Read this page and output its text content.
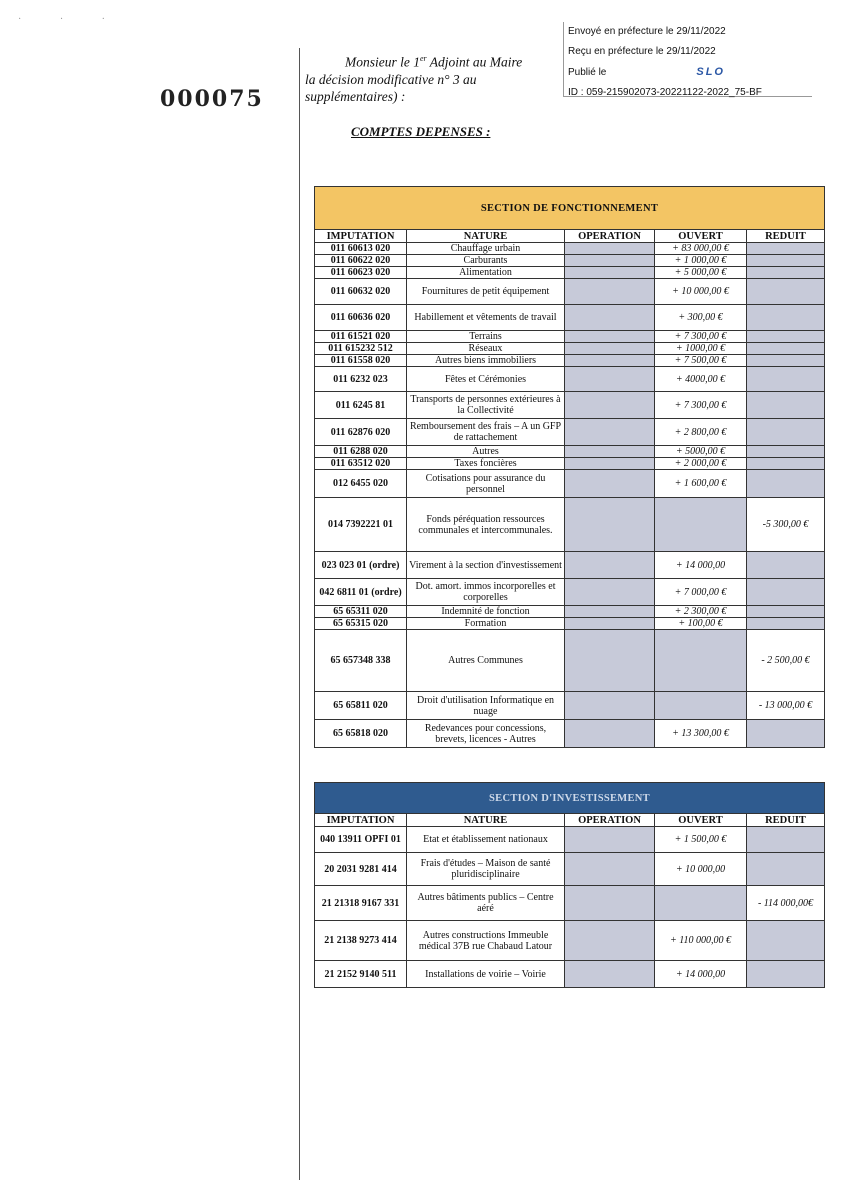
· · ·
000075
Monsieur le 1er Adjoint au Maire
la décision modificative n° 3 au
supplémentaires) :
Envoyé en préfecture le 29/11/2022
Reçu en préfecture le 29/11/2022
Publié le	SLO
ID : 059-215902073-20221122-2022_75-BF
COMPTES DEPENSES :
SECTION DE FONCTIONNEMENT				
IMPUTATION	NATURE	OPERATION	OUVERT	REDUIT
011 60613 020	Chauffage urbain		+ 83 000,00 €	
011 60622 020	Carburants		+ 1 000,00 €	
011 60623 020	Alimentation		+ 5 000,00 €	
011 60632 020	Fournitures de petit équipement		+ 10 000,00 €	
011 60636 020	Habillement et vêtements de travail		+ 300,00 €	
011 61521 020	Terrains		+ 7 300,00 €	
011 615232 512	Réseaux		+ 1000,00 €	
011 61558 020	Autres biens immobiliers		+ 7 500,00 €	
011 6232 023	Fêtes et Cérémonies		+ 4000,00 €	
011 6245 81	Transports de personnes extérieures à la Collectivité		+ 7 300,00 €	
011 62876 020	Remboursement des frais – A un GFP de rattachement		+ 2 800,00 €	
011 6288 020	Autres		+ 5000,00 €	
011 63512 020	Taxes foncières		+ 2 000,00 €	
012 6455 020	Cotisations pour assurance du personnel		+ 1 600,00 €	
014 7392221 01	Fonds péréquation ressources communales et intercommunales.			-5 300,00 €
023 023 01 (ordre)	Virement à la section d'investissement		+ 14 000,00	
042 6811 01 (ordre)	Dot. amort. immos incorporelles et corporelles		+ 7 000,00 €	
65 65311 020	Indemnité de fonction		+ 2 300,00 €	
65 65315 020	Formation		+ 100,00 €	
65 657348 338	Autres Communes			- 2 500,00 €
65 65811 020	Droit d'utilisation Informatique en nuage			- 13 000,00 €
65 65818 020	Redevances pour concessions, brevets, licences - Autres		+ 13 300,00 €	
SECTION D'INVESTISSEMENT				
IMPUTATION	NATURE	OPERATION	OUVERT	REDUIT
040 13911 OPFI 01	Etat et établissement nationaux		+ 1 500,00 €	
20 2031 9281 414	Frais d'études – Maison de santé pluridisciplinaire		+ 10 000,00	
21 21318 9167 331	Autres bâtiments publics – Centre aéré			- 114 000,00€
21 2138 9273 414	Autres constructions Immeuble médical 37B rue Chabaud Latour		+ 110 000,00 €	
21 2152 9140 511	Installations de voirie – Voirie		+ 14 000,00	
